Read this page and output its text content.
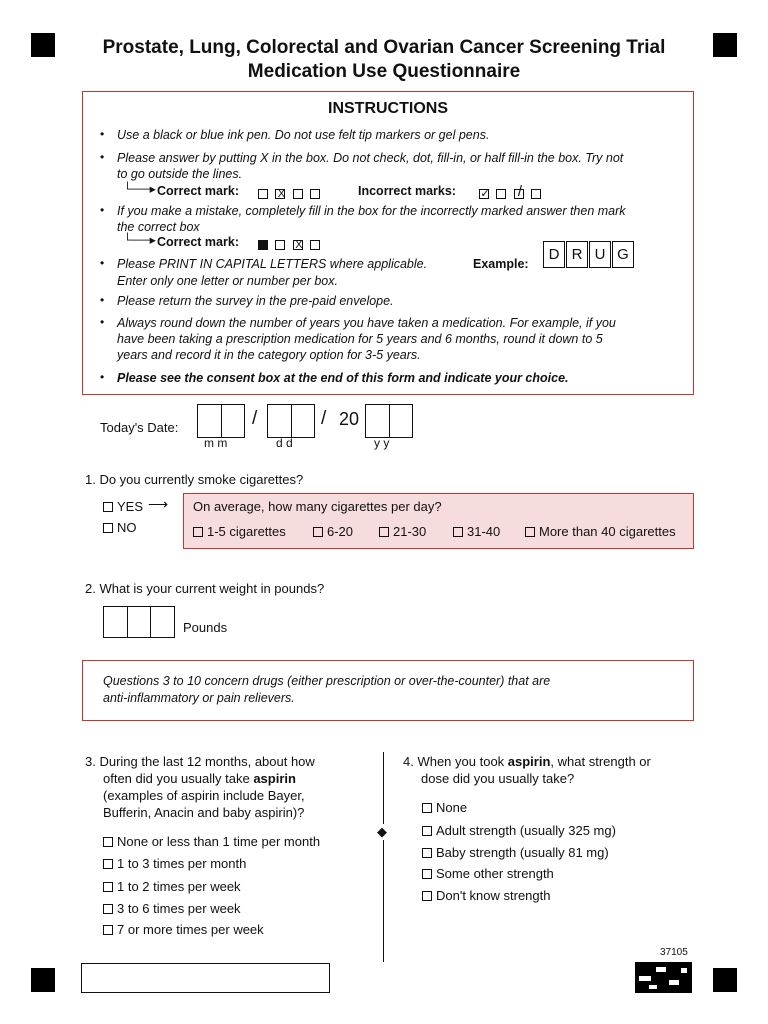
Prostate, Lung, Colorectal and Ovarian Cancer Screening Trial
Medication Use Questionnaire
INSTRUCTIONS
• Use a black or blue ink pen. Do not use felt tip markers or gel pens.
• Please answer by putting X in the box. Do not check, dot, fill-in, or half fill-in the box. Try not
to go outside the lines.
└──▸ Correct mark:
	X
	Incorrect marks: ✓
/

• If you make a mistake, completely fill in the box for the incorrectly marked answer then mark
the correct box
└──▸ Correct mark:
	X

• Please PRINT IN CAPITAL LETTERS where applicable.	Example:
D R U G
Enter only one letter or number per box.
• Please return the survey in the pre-paid envelope.
• Always round down the number of years you have taken a medication. For example, if you
have been taking a prescription medication for 5 years and 6 months, round it down to 5
years and record it in the category option for 3-5 years.
• Please see the consent box at the end of this form and indicate your choice.
Today's Date:	/	/ 20
m m	d d	y y
1. Do you currently smoke cigarettes?
YES ⟶
NO
On average, how many cigarettes per day?
1-5 cigarettes	6-20	21-30	31-40	More than 40 cigarettes
2. What is your current weight in pounds?
Pounds
Questions 3 to 10 concern drugs (either prescription or over-the-counter) that are
anti-inflammatory or pain relievers.
3. During the last 12 months, about how
often did you usually take aspirin
(examples of aspirin include Bayer,
Bufferin, Anacin and baby aspirin)?
None or less than 1 time per month
1 to 3 times per month
1 to 2 times per week
3 to 6 times per week
7 or more times per week
◆
4. When you took aspirin, what strength or
dose did you usually take?
None
Adult strength (usually 325 mg)
Baby strength (usually 81 mg)
Some other strength
Don't know strength
37105
